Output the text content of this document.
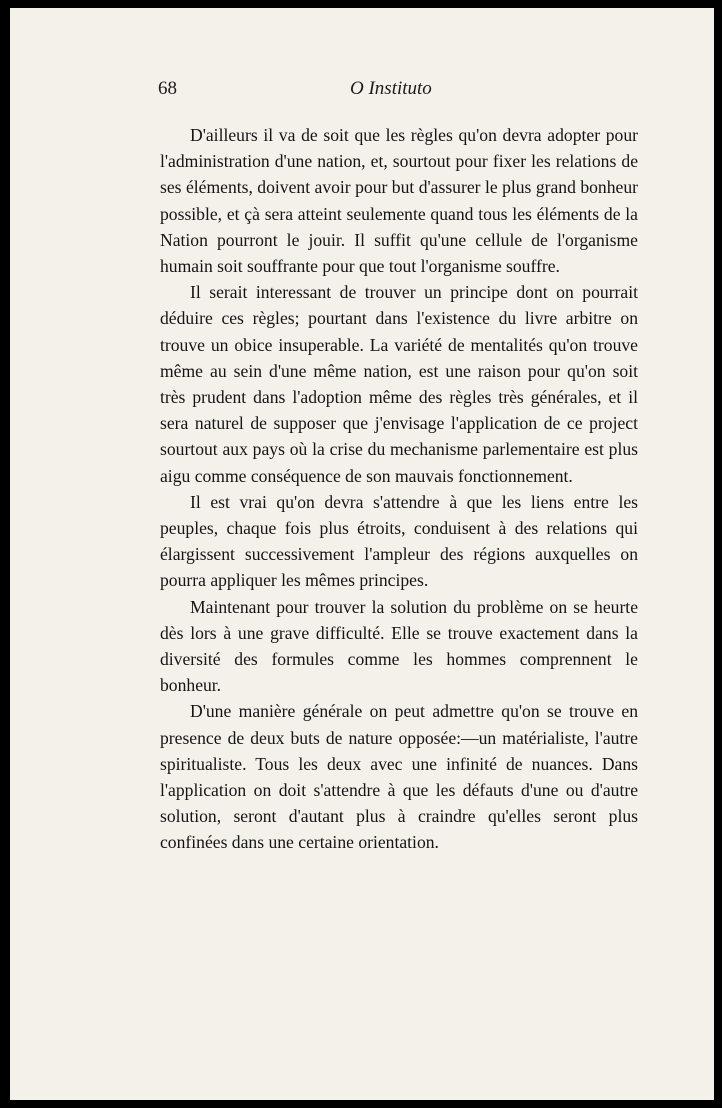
68	O Instituto

D'ailleurs il va de soit que les règles qu'on devra adopter pour l'administration d'une nation, et, sourtout pour fixer les relations de ses éléments, doivent avoir pour but d'assurer le plus grand bonheur possible, et çà sera atteint seulemente quand tous les éléments de la Nation pourront le jouir. Il suffit qu'une cellule de l'organisme humain soit souffrante pour que tout l'organisme souffre.

Il serait interessant de trouver un principe dont on pourrait déduire ces règles; pourtant dans l'existence du livre arbitre on trouve un obice insuperable. La variété de mentalités qu'on trouve même au sein d'une même nation, est une raison pour qu'on soit très prudent dans l'adoption même des règles très générales, et il sera naturel de supposer que j'envisage l'application de ce project sourtout aux pays où la crise du mechanisme parlementaire est plus aigu comme conséquence de son mauvais fonctionnement.

Il est vrai qu'on devra s'attendre à que les liens entre les peuples, chaque fois plus étroits, conduisent à des relations qui élargissent successivement l'ampleur des régions auxquelles on pourra appliquer les mêmes principes.

Maintenant pour trouver la solution du problème on se heurte dès lors à une grave difficulté. Elle se trouve exactement dans la diversité des formules comme les hommes comprennent le bonheur.

D'une manière générale on peut admettre qu'on se trouve en presence de deux buts de nature opposée:—un matérialiste, l'autre spiritualiste. Tous les deux avec une infinité de nuances. Dans l'application on doit s'attendre à que les défauts d'une ou d'autre solution, seront d'autant plus à craindre qu'elles seront plus confinées dans une certaine orientation.
